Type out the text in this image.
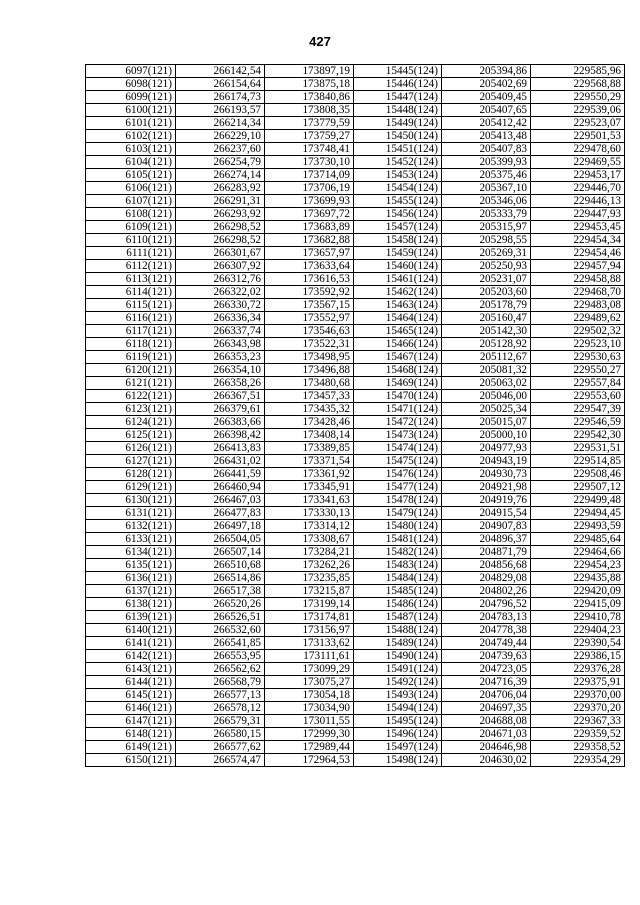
427
6097(121)	266142,54	173897,19	15445(124)	205394,86	229585,96
6098(121)	266154,64	173875,18	15446(124)	205402,69	229568,88
6099(121)	266174,73	173840,86	15447(124)	205409,45	229550,29
6100(121)	266193,57	173808,35	15448(124)	205407,65	229539,06
6101(121)	266214,34	173779,59	15449(124)	205412,42	229523,07
6102(121)	266229,10	173759,27	15450(124)	205413,48	229501,53
6103(121)	266237,60	173748,41	15451(124)	205407,83	229478,60
6104(121)	266254,79	173730,10	15452(124)	205399,93	229469,55
6105(121)	266274,14	173714,09	15453(124)	205375,46	229453,17
6106(121)	266283,92	173706,19	15454(124)	205367,10	229446,70
6107(121)	266291,31	173699,93	15455(124)	205346,06	229446,13
6108(121)	266293,92	173697,72	15456(124)	205333,79	229447,93
6109(121)	266298,52	173683,89	15457(124)	205315,97	229453,45
6110(121)	266298,52	173682,88	15458(124)	205298,55	229454,34
6111(121)	266301,67	173657,97	15459(124)	205269,31	229454,46
6112(121)	266307,92	173633,64	15460(124)	205250,93	229457,94
6113(121)	266312,76	173616,53	15461(124)	205231,07	229458,88
6114(121)	266322,02	173592,92	15462(124)	205203,60	229468,70
6115(121)	266330,72	173567,15	15463(124)	205178,79	229483,08
6116(121)	266336,34	173552,97	15464(124)	205160,47	229489,62
6117(121)	266337,74	173546,63	15465(124)	205142,30	229502,32
6118(121)	266343,98	173522,31	15466(124)	205128,92	229523,10
6119(121)	266353,23	173498,95	15467(124)	205112,67	229530,63
6120(121)	266354,10	173496,88	15468(124)	205081,32	229550,27
6121(121)	266358,26	173480,68	15469(124)	205063,02	229557,84
6122(121)	266367,51	173457,33	15470(124)	205046,00	229553,60
6123(121)	266379,61	173435,32	15471(124)	205025,34	229547,39
6124(121)	266383,66	173428,46	15472(124)	205015,07	229546,59
6125(121)	266398,42	173408,14	15473(124)	205000,10	229542,30
6126(121)	266413,83	173389,85	15474(124)	204977,93	229531,51
6127(121)	266431,02	173371,54	15475(124)	204943,19	229514,85
6128(121)	266441,59	173361,92	15476(124)	204930,73	229508,46
6129(121)	266460,94	173345,91	15477(124)	204921,98	229507,12
6130(121)	266467,03	173341,63	15478(124)	204919,76	229499,48
6131(121)	266477,83	173330,13	15479(124)	204915,54	229494,45
6132(121)	266497,18	173314,12	15480(124)	204907,83	229493,59
6133(121)	266504,05	173308,67	15481(124)	204896,37	229485,64
6134(121)	266507,14	173284,21	15482(124)	204871,79	229464,66
6135(121)	266510,68	173262,26	15483(124)	204856,68	229454,23
6136(121)	266514,86	173235,85	15484(124)	204829,08	229435,88
6137(121)	266517,38	173215,87	15485(124)	204802,26	229420,09
6138(121)	266520,26	173199,14	15486(124)	204796,52	229415,09
6139(121)	266526,51	173174,81	15487(124)	204783,13	229410,78
6140(121)	266532,60	173156,97	15488(124)	204778,38	229404,23
6141(121)	266541,85	173133,62	15489(124)	204749,44	229390,54
6142(121)	266553,95	173111,61	15490(124)	204739,63	229386,15
6143(121)	266562,62	173099,29	15491(124)	204723,05	229376,28
6144(121)	266568,79	173075,27	15492(124)	204716,39	229375,91
6145(121)	266577,13	173054,18	15493(124)	204706,04	229370,00
6146(121)	266578,12	173034,90	15494(124)	204697,35	229370,20
6147(121)	266579,31	173011,55	15495(124)	204688,08	229367,33
6148(121)	266580,15	172999,30	15496(124)	204671,03	229359,52
6149(121)	266577,62	172989,44	15497(124)	204646,98	229358,52
6150(121)	266574,47	172964,53	15498(124)	204630,02	229354,29
